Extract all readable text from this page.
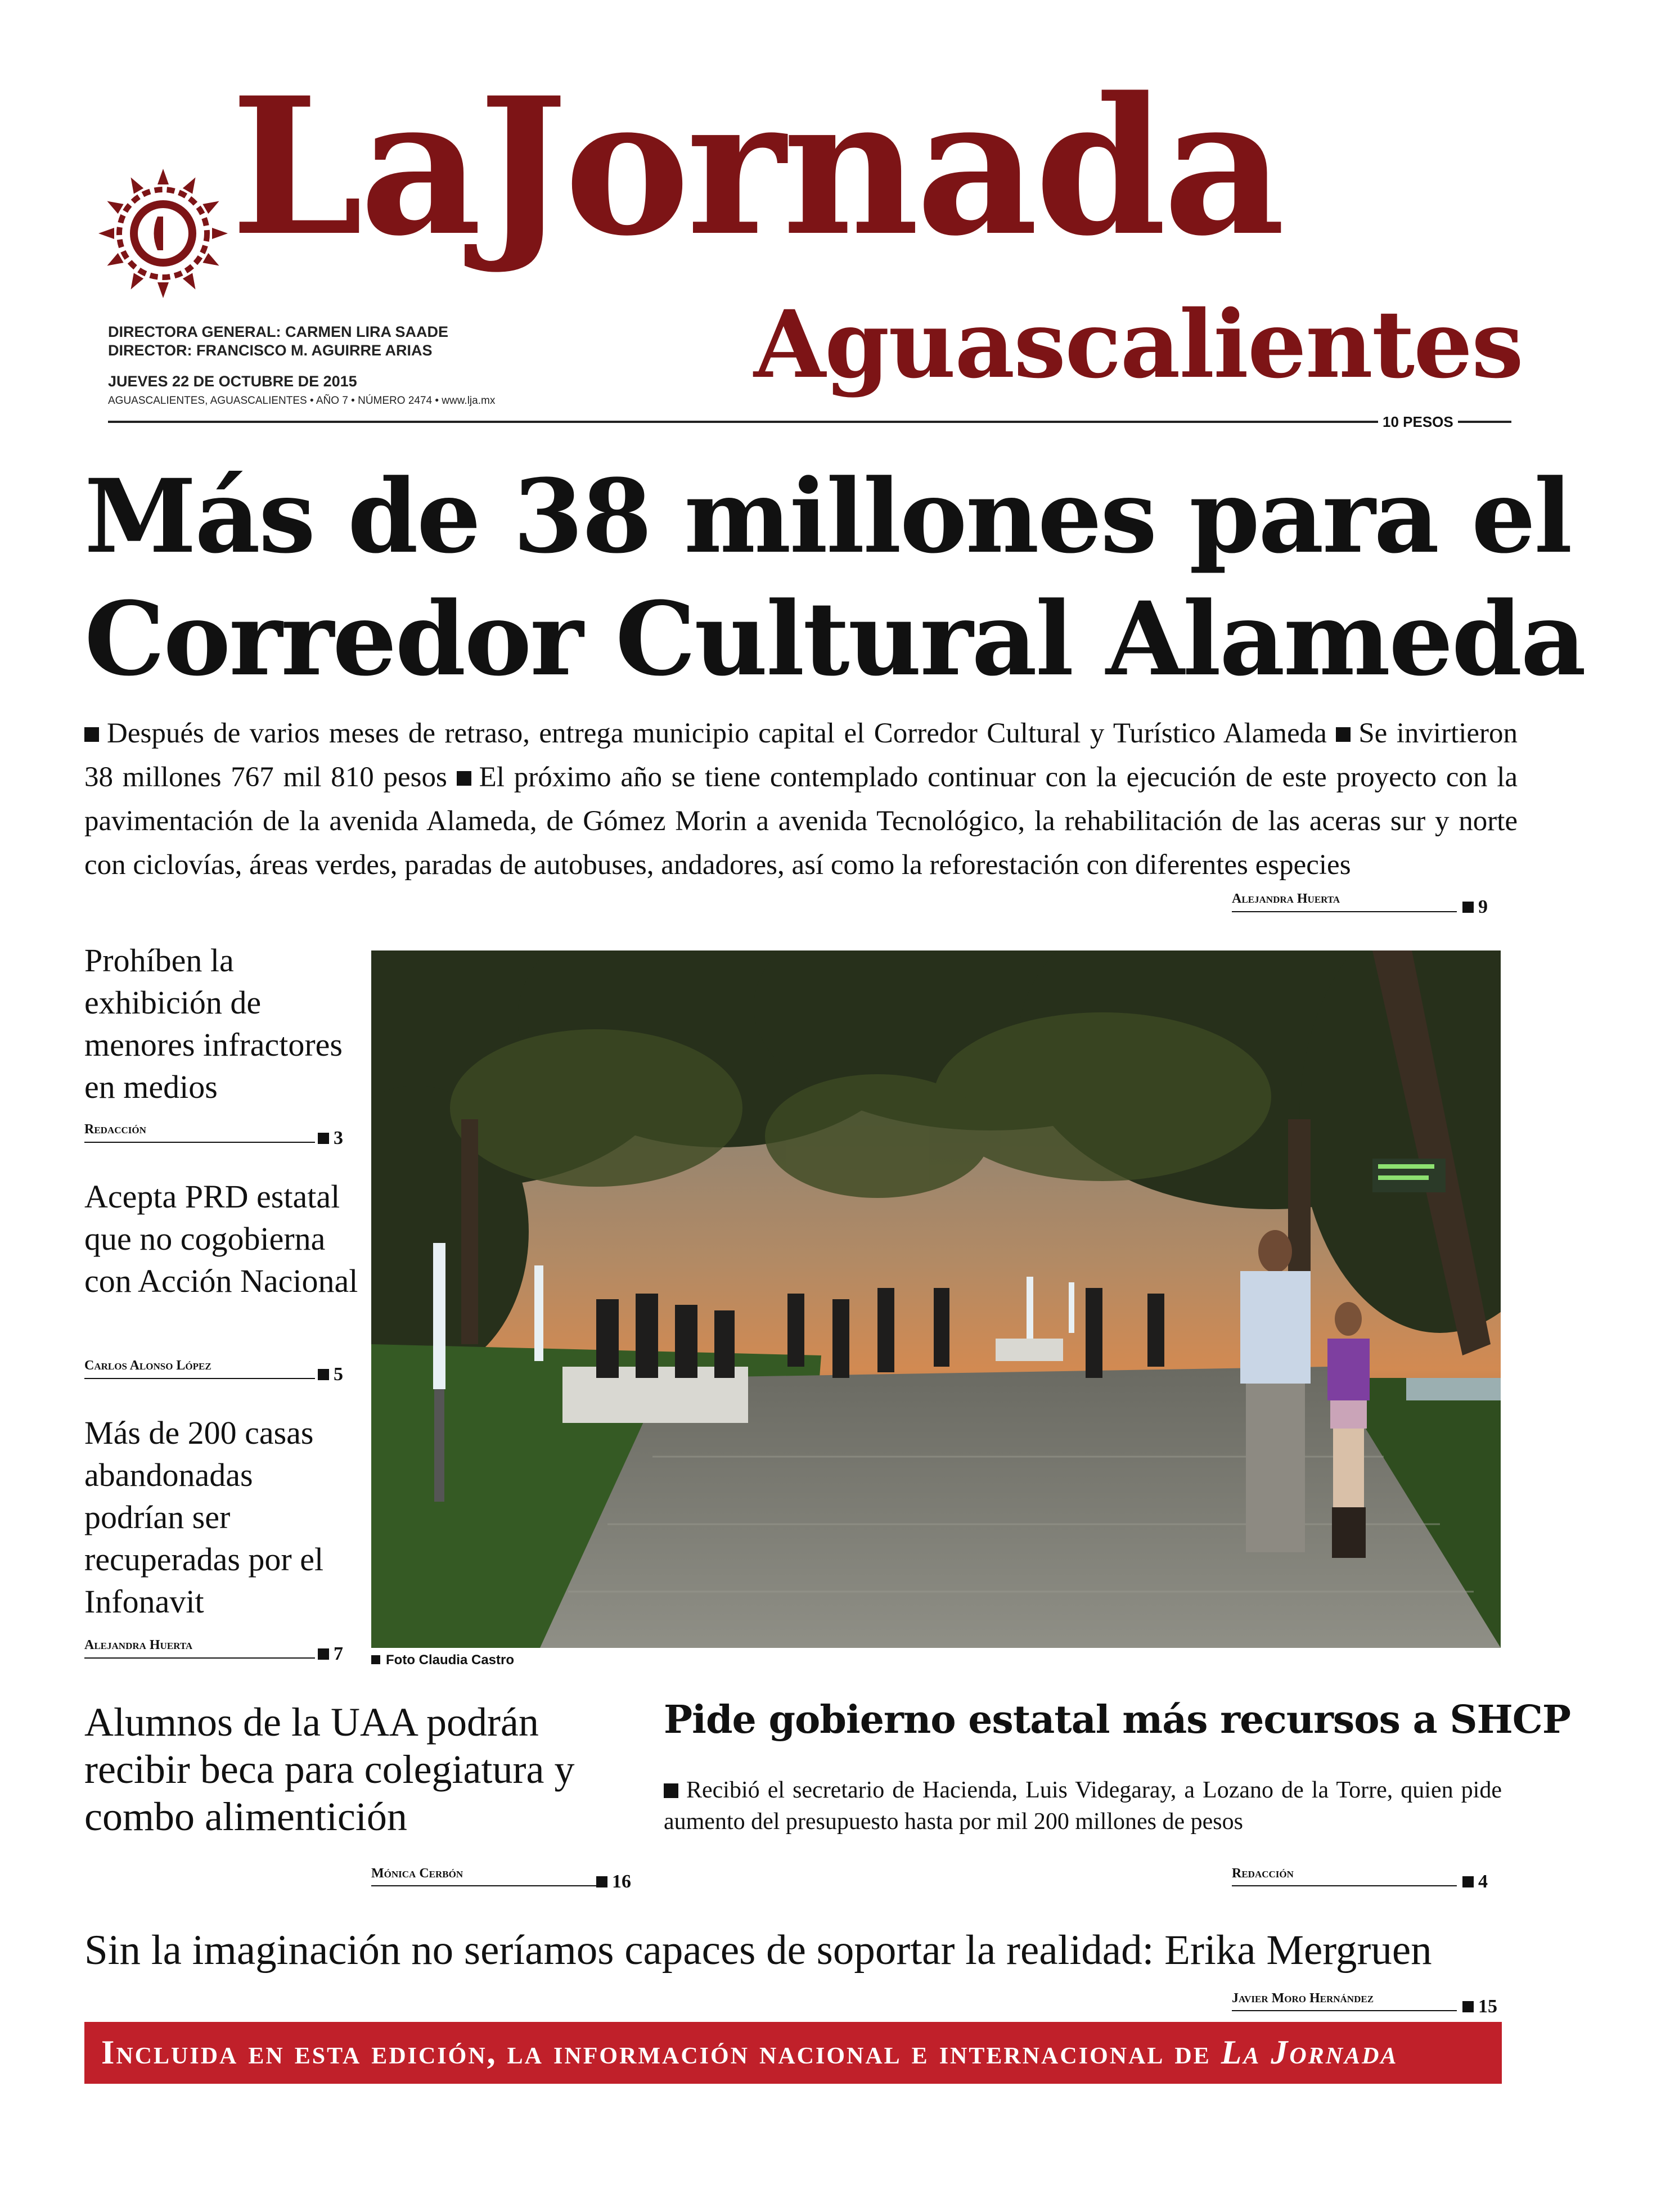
LaJornada
Aguascalientes
DIRECTORA GENERAL: CARMEN LIRA SAADE
DIRECTOR: FRANCISCO M. AGUIRRE ARIAS
JUEVES 22 DE OCTUBRE DE 2015
AGUASCALIENTES, AGUASCALIENTES • AÑO 7 • NÚMERO 2474 • www.lja.mx
10 PESOS
Más de 38 millones para el Corredor Cultural Alameda
Después de varios meses de retraso, entrega municipio capital el Corredor Cultural y Turístico Alameda Se invirtieron 38 millones 767 mil 810 pesos El próximo año se tiene contemplado continuar con la ejecución de este proyecto con la pavimentación de la avenida Alameda, de Gómez Morin a avenida Tecnológico, la rehabilitación de las aceras sur y norte con ciclovías, áreas verdes, paradas de autobuses, andadores, así como la reforestación con diferentes especies
Alejandra Huerta	9
Prohíben la exhibición de menores infractores en medios
Redacción	3
Acepta PRD estatal que no cogobierna con Acción Nacional
Carlos Alonso López	5
Más de 200 casas abandonadas podrían ser recuperadas por el Infonavit
Alejandra Huerta	7	Foto Claudia Castro
Alumnos de la UAA podrán recibir beca para colegiatura y combo alimentición
Mónica Cerbón	16
Pide gobierno estatal más recursos a SHCP
Recibió el secretario de Hacienda, Luis Videgaray, a Lozano de la Torre, quien pide aumento del presupuesto hasta por mil 200 millones de pesos
Redacción	4
Sin la imaginación no seríamos capaces de soportar la realidad: Erika Mergruen
Javier Moro Hernández	15
Incluida en esta edición, la información nacional e internacional de La Jornada
